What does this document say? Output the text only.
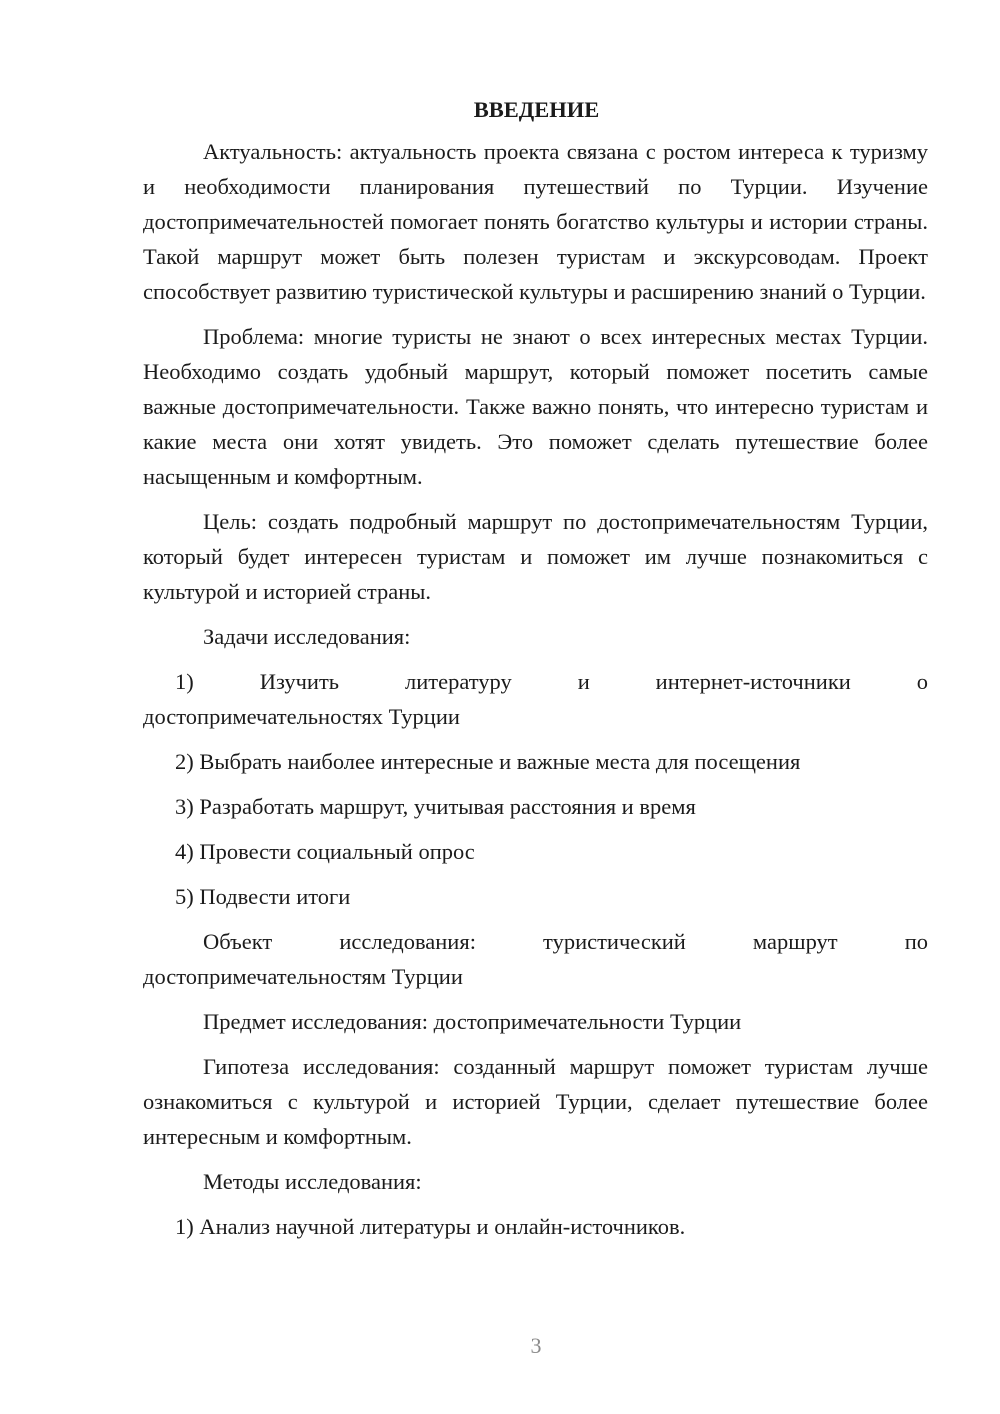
ВВЕДЕНИЕ

Актуальность: актуальность проекта связана с ростом интереса к туризму и необходимости планирования путешествий по Турции. Изучение достопримечательностей помогает понять богатство культуры и истории страны. Такой маршрут может быть полезен туристам и экскурсоводам. Проект способствует развитию туристической культуры и расширению знаний о Турции.

Проблема: многие туристы не знают о всех интересных местах Турции. Необходимо создать удобный маршрут, который поможет посетить самые важные достопримечательности. Также важно понять, что интересно туристам и какие места они хотят увидеть. Это поможет сделать путешествие более насыщенным и комфортным.

Цель: создать подробный маршрут по достопримечательностям Турции, который будет интересен туристам и поможет им лучше познакомиться с культурой и историей страны.

Задачи исследования:

1) Изучить литературу и интернет-источники о
достопримечательностях Турции
2) Выбрать наиболее интересные и важные места для посещения
3) Разработать маршрут, учитывая расстояния и время
4) Провести социальный опрос
5) Подвести итоги
Объект исследования: туристический маршрут по
достопримечательностям Турции

Предмет исследования: достопримечательности Турции

Гипотеза исследования: созданный маршрут поможет туристам лучше ознакомиться с культурой и историей Турции, сделает путешествие более интересным и комфортным.

Методы исследования:

1) Анализ научной литературы и онлайн-источников.
3
